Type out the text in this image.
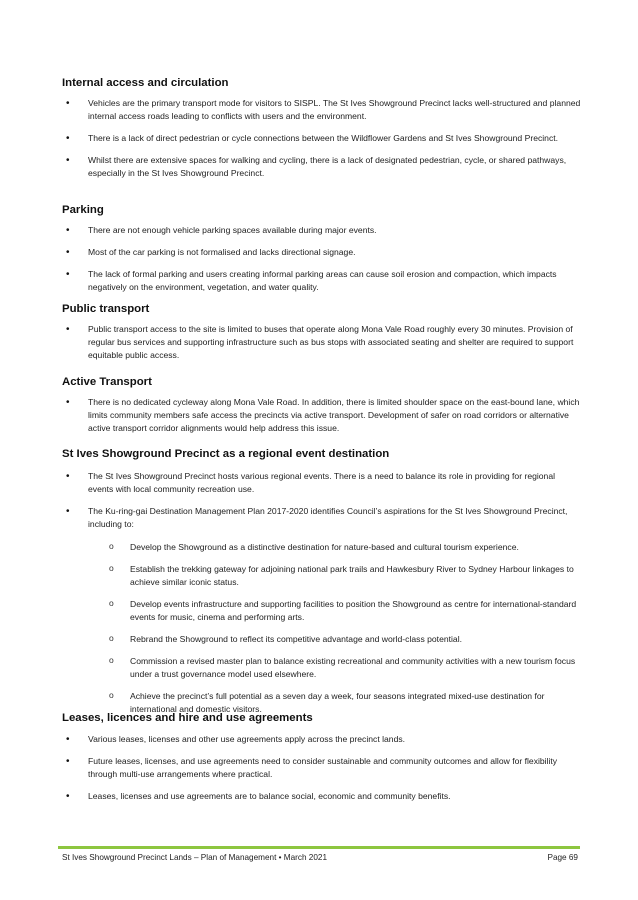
Internal access and circulation
• Vehicles are the primary transport mode for visitors to SISPL. The St Ives Showground Precinct lacks well-structured and planned internal access roads leading to conflicts with users and the environment.
• There is a lack of direct pedestrian or cycle connections between the Wildflower Gardens and St Ives Showground Precinct.
• Whilst there are extensive spaces for walking and cycling, there is a lack of designated pedestrian, cycle, or shared pathways, especially in the St Ives Showground Precinct.
Parking
• There are not enough vehicle parking spaces available during major events.
• Most of the car parking is not formalised and lacks directional signage.
• The lack of formal parking and users creating informal parking areas can cause soil erosion and compaction, which impacts negatively on the environment, vegetation, and water quality.
Public transport
• Public transport access to the site is limited to buses that operate along Mona Vale Road roughly every 30 minutes. Provision of regular bus services and supporting infrastructure such as bus stops with associated seating and shelter are required to support equitable public access.
Active Transport
• There is no dedicated cycleway along Mona Vale Road. In addition, there is limited shoulder space on the east-bound lane, which limits community members safe access the precincts via active transport. Development of safer on road corridors or alternative active transport corridor alignments would help address this issue.
St Ives Showground Precinct as a regional event destination
• The St Ives Showground Precinct hosts various regional events. There is a need to balance its role in providing for regional events with local community recreation use.
• The Ku-ring-gai Destination Management Plan 2017-2020 identifies Council’s aspirations for the St Ives Showground Precinct, including to:
o Develop the Showground as a distinctive destination for nature-based and cultural tourism experience.
o Establish the trekking gateway for adjoining national park trails and Hawkesbury River to Sydney Harbour linkages to achieve similar iconic status.
o Develop events infrastructure and supporting facilities to position the Showground as centre for international-standard events for music, cinema and performing arts.
o Rebrand the Showground to reflect its competitive advantage and world-class potential.
o Commission a revised master plan to balance existing recreational and community activities with a new tourism focus under a trust governance model used elsewhere.
o Achieve the precinct’s full potential as a seven day a week, four seasons integrated mixed-use destination for international and domestic visitors.
Leases, licences and hire and use agreements
• Various leases, licenses and other use agreements apply across the precinct lands.
• Future leases, licenses, and use agreements need to consider sustainable and community outcomes and allow for flexibility through multi-use arrangements where practical.
• Leases, licenses and use agreements are to balance social, economic and community benefits.
St Ives Showground Precinct Lands – Plan of Management • March 2021	Page 69
